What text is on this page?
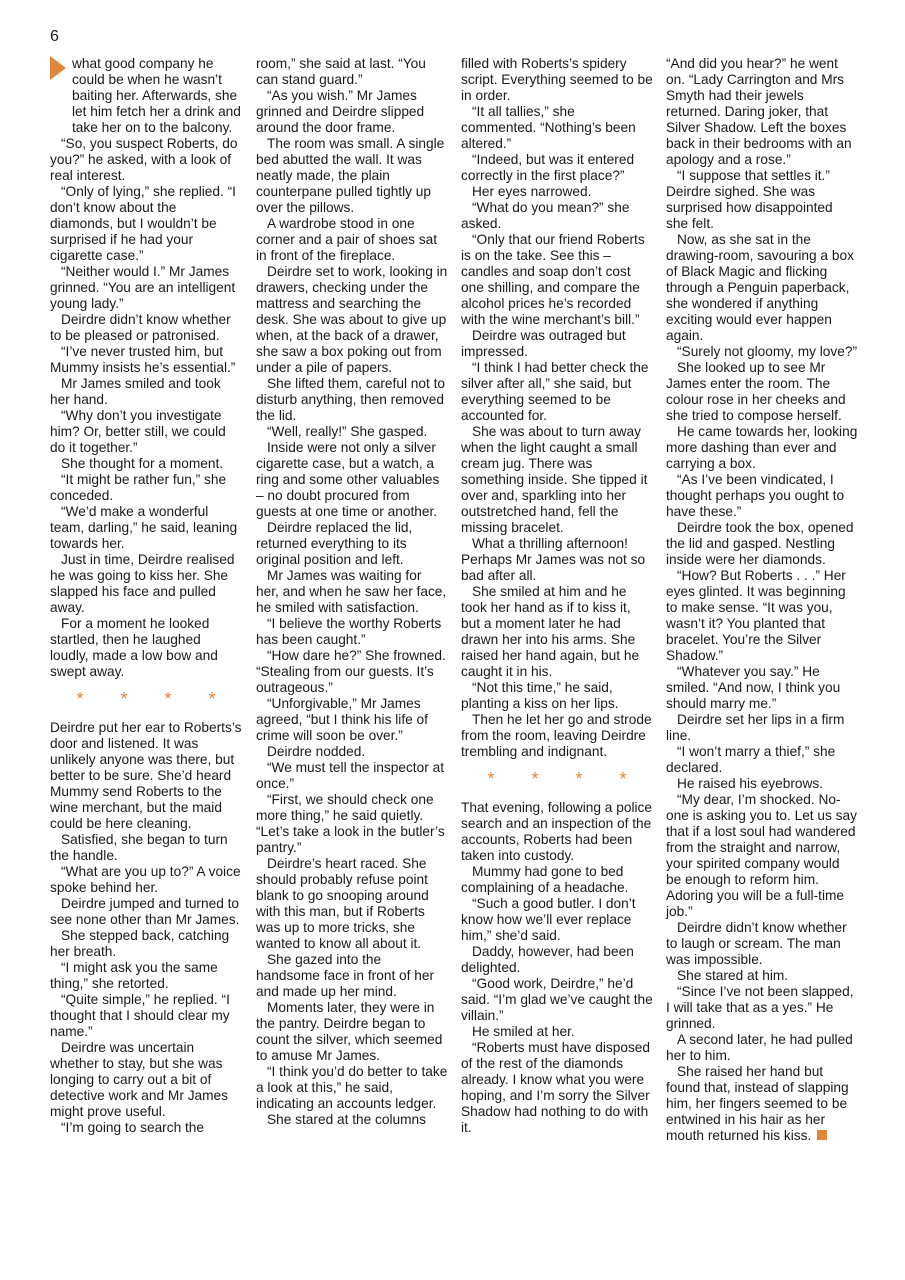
6

what good company he could be when he wasn’t baiting her. Afterwards, she let him fetch her a drink and take her on to the balcony.

“So, you suspect Roberts, do you?” he asked, with a look of real interest.

“Only of lying,” she replied. “I don’t know about the diamonds, but I wouldn’t be surprised if he had your cigarette case.”

“Neither would I.” Mr James grinned. “You are an intelligent young lady.”

Deirdre didn’t know whether to be pleased or patronised.

“I’ve never trusted him, but Mummy insists he’s essential.”

Mr James smiled and took her hand.

“Why don’t you investigate him? Or, better still, we could do it together.”

She thought for a moment.

“It might be rather fun,” she conceded.

“We’d make a wonderful team, darling,” he said, leaning towards her.

Just in time, Deirdre realised he was going to kiss her. She slapped his face and pulled away.

For a moment he looked startled, then he laughed loudly, made a low bow and swept away.

* * * *

Deirdre put her ear to Roberts’s door and listened. It was unlikely anyone was there, but better to be sure. She’d heard Mummy send Roberts to the wine merchant, but the maid could be here cleaning.

Satisfied, she began to turn the handle.

“What are you up to?” A voice spoke behind her.

Deirdre jumped and turned to see none other than Mr James.

She stepped back, catching her breath.

“I might ask you the same thing,” she retorted.

“Quite simple,” he replied. “I thought that I should clear my name.”

Deirdre was uncertain whether to stay, but she was longing to carry out a bit of detective work and Mr James might prove useful.

“I’m going to search the

room,” she said at last. “You can stand guard.”

“As you wish.” Mr James grinned and Deirdre slipped around the door frame.

The room was small. A single bed abutted the wall. It was neatly made, the plain counterpane pulled tightly up over the pillows.

A wardrobe stood in one corner and a pair of shoes sat in front of the fireplace.

Deirdre set to work, looking in drawers, checking under the mattress and searching the desk. She was about to give up when, at the back of a drawer, she saw a box poking out from under a pile of papers.

She lifted them, careful not to disturb anything, then removed the lid.

“Well, really!” She gasped.

Inside were not only a silver cigarette case, but a watch, a ring and some other valuables – no doubt procured from guests at one time or another.

Deirdre replaced the lid, returned everything to its original position and left.

Mr James was waiting for her, and when he saw her face, he smiled with satisfaction.

“I believe the worthy Roberts has been caught.”

“How dare he?” She frowned. “Stealing from our guests. It’s outrageous.”

“Unforgivable,” Mr James agreed, “but I think his life of crime will soon be over.”

Deirdre nodded.

“We must tell the inspector at once.”

“First, we should check one more thing,” he said quietly. “Let’s take a look in the butler’s pantry.”

Deirdre’s heart raced. She should probably refuse point blank to go snooping around with this man, but if Roberts was up to more tricks, she wanted to know all about it.

She gazed into the handsome face in front of her and made up her mind.

Moments later, they were in the pantry. Deirdre began to count the silver, which seemed to amuse Mr James.

“I think you’d do better to take a look at this,” he said, indicating an accounts ledger.

She stared at the columns

filled with Roberts’s spidery script. Everything seemed to be in order.

“It all tallies,” she commented. “Nothing’s been altered.”

“Indeed, but was it entered correctly in the first place?”

Her eyes narrowed.

“What do you mean?” she asked.

“Only that our friend Roberts is on the take. See this – candles and soap don’t cost one shilling, and compare the alcohol prices he’s recorded with the wine merchant’s bill.”

Deirdre was outraged but impressed.

“I think I had better check the silver after all,” she said, but everything seemed to be accounted for.

She was about to turn away when the light caught a small cream jug. There was something inside. She tipped it over and, sparkling into her outstretched hand, fell the missing bracelet.

What a thrilling afternoon! Perhaps Mr James was not so bad after all.

She smiled at him and he took her hand as if to kiss it, but a moment later he had drawn her into his arms. She raised her hand again, but he caught it in his.

“Not this time,” he said, planting a kiss on her lips.

Then he let her go and strode from the room, leaving Deirdre trembling and indignant.

* * * *

That evening, following a police search and an inspection of the accounts, Roberts had been taken into custody.

Mummy had gone to bed complaining of a headache.

“Such a good butler. I don’t know how we’ll ever replace him,” she’d said.

Daddy, however, had been delighted.

“Good work, Deirdre,” he’d said. “I’m glad we’ve caught the villain.”

He smiled at her.

“Roberts must have disposed of the rest of the diamonds already. I know what you were hoping, and I’m sorry the Silver Shadow had nothing to do with it.

“And did you hear?” he went on. “Lady Carrington and Mrs Smyth had their jewels returned. Daring joker, that Silver Shadow. Left the boxes back in their bedrooms with an apology and a rose.”

“I suppose that settles it.” Deirdre sighed. She was surprised how disappointed she felt.

Now, as she sat in the drawing-room, savouring a box of Black Magic and flicking through a Penguin paperback, she wondered if anything exciting would ever happen again.

“Surely not gloomy, my love?”

She looked up to see Mr James enter the room. The colour rose in her cheeks and she tried to compose herself.

He came towards her, looking more dashing than ever and carrying a box.

“As I’ve been vindicated, I thought perhaps you ought to have these.”

Deirdre took the box, opened the lid and gasped. Nestling inside were her diamonds.

“How? But Roberts . . .” Her eyes glinted. It was beginning to make sense. “It was you, wasn’t it? You planted that bracelet. You’re the Silver Shadow.”

“Whatever you say.” He smiled. “And now, I think you should marry me.”

Deirdre set her lips in a firm line.

“I won’t marry a thief,” she declared.

He raised his eyebrows.

“My dear, I’m shocked. No-one is asking you to. Let us say that if a lost soul had wandered from the straight and narrow, your spirited company would be enough to reform him. Adoring you will be a full-time job.”

Deirdre didn’t know whether to laugh or scream. The man was impossible.

She stared at him.

“Since I’ve not been slapped, I will take that as a yes.” He grinned.

A second later, he had pulled her to him.

She raised her hand but found that, instead of slapping him, her fingers seemed to be entwined in his hair as her mouth returned his kiss.
